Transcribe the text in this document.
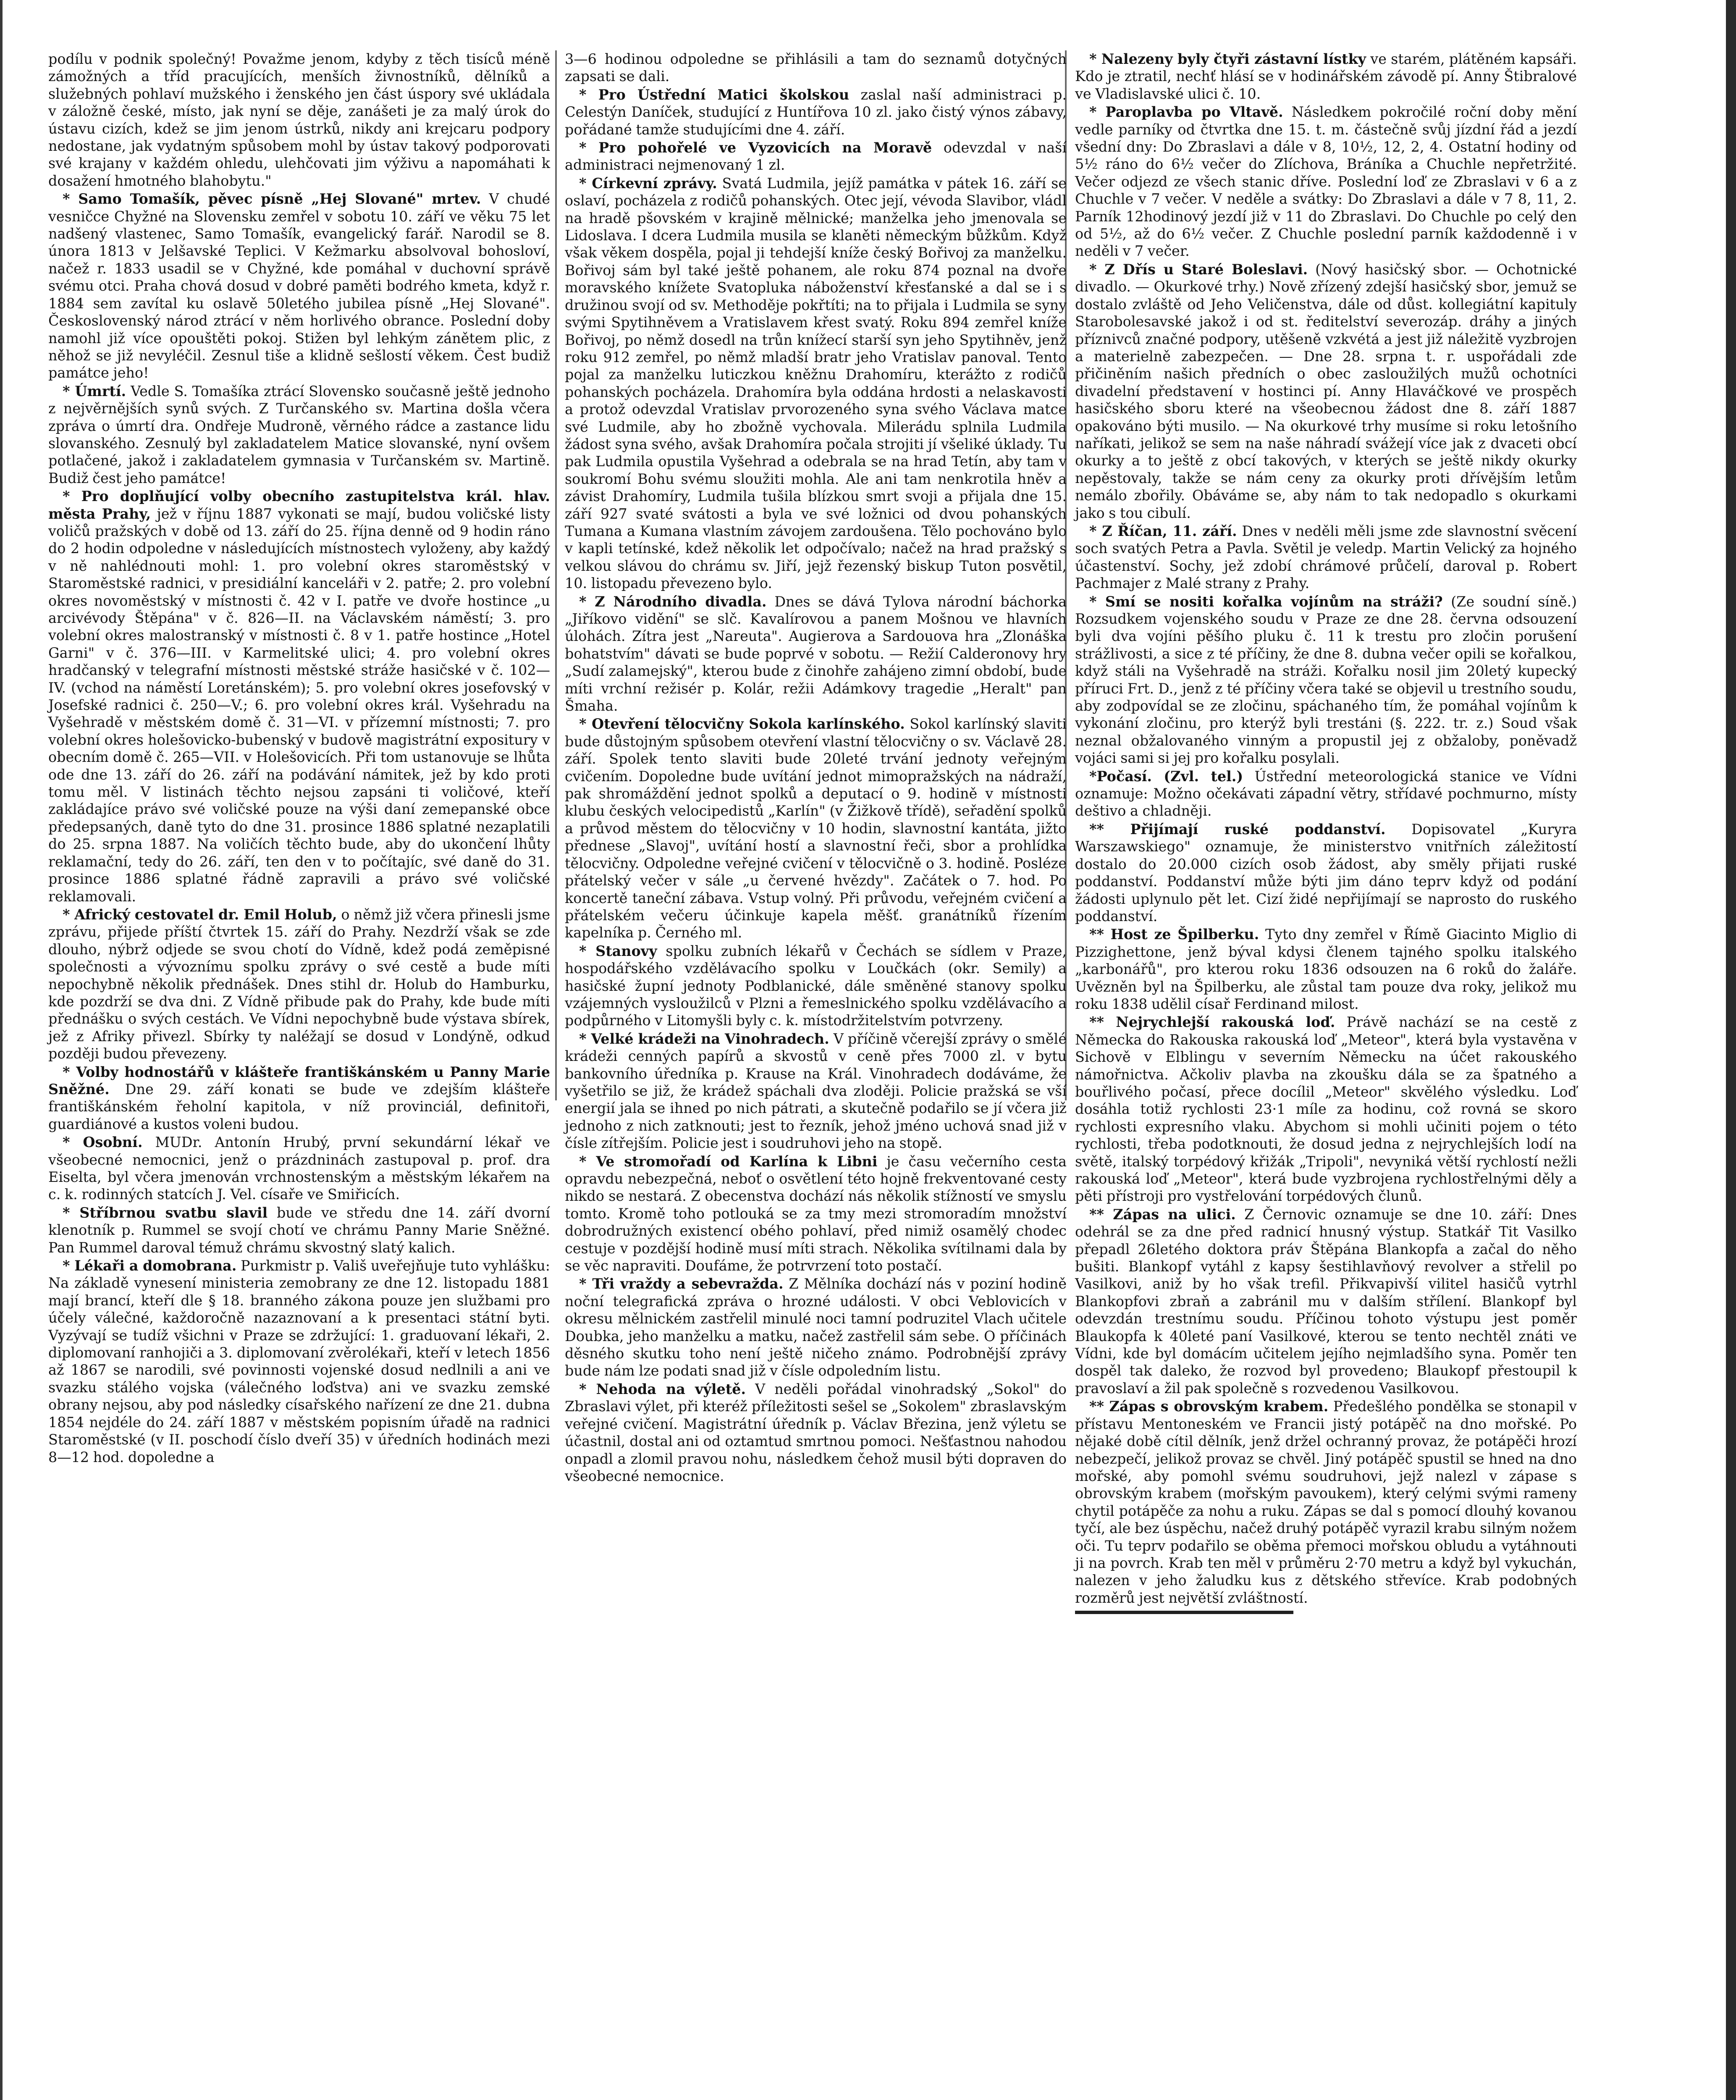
podílu v podnik společný! Považme jenom, kdyby z těch tisíců méně zámožných a tříd pracujících, menších živnostníků, dělníků a služebných pohlaví mužského i ženského jen část úspory své ukládala v záložně české, místo, jak nyní se děje, zanášeti je za malý úrok do ústavu cizích, kdež se jim jenom ústrků, nikdy ani krejcaru podpory nedostane, jak vydatným spůsobem mohl by ústav takový podporovati své krajany v každém ohledu, ulehčovati jim výživu a napomáhati k dosažení hmotného blahobytu."

* Samo Tomašík, pěvec písně „Hej Slované" mrtev. V chudé vesničce Chyžné na Slovensku zemřel v sobotu 10. září ve věku 75 let nadšený vlastenec, Samo Tomašík, evangelický farář. Narodil se 8. února 1813 v Jelšavské Teplici. V Kežmarku absolvoval bohosloví, načež r. 1833 usadil se v Chyžné, kde pomáhal v duchovní správě svému otci. Praha chová dosud v dobré paměti bodrého kmeta, když r. 1884 sem zavítal ku oslavě 50letého jubilea písně „Hej Slované". Československý národ ztrácí v něm horlivého obrance. Poslední doby namohl již více opouštěti pokoj. Stižen byl lehkým zánětem plic, z něhož se již nevyléčil. Zesnul tiše a klidně sešlostí věkem. Čest budiž památce jeho!

* Úmrtí. Vedle S. Tomašíka ztrácí Slovensko současně ještě jednoho z nejvěrnějších synů svých. Z Turčanského sv. Martina došla včera zpráva o úmrtí dra. Ondřeje Mudroně, věrného rádce a zastance lidu slovanského. Zesnulý byl zakladatelem Matice slovanské, nyní ovšem potlačené, jakož i zakladatelem gymnasia v Turčanském sv. Martině. Budiž čest jeho památce!

* Pro doplňující volby obecního zastupitelstva král. hlav. města Prahy, jež v říjnu 1887 vykonati se mají, budou voličské listy voličů pražských v době od 13. září do 25. října denně od 9 hodin ráno do 2 hodin odpoledne v následujících místnostech vyloženy, aby každý v ně nahlédnouti mohl: 1. pro volební okres staroměstský v Staroměstské radnici, v presidiální kanceláři v 2. patře; 2. pro volební okres novoměstský v místnosti č. 42 v I. patře ve dvoře hostince „u arcivévody Štěpána" v č. 826—II. na Václavském náměstí; 3. pro volební okres malostranský v místnosti č. 8 v 1. patře hostince „Hotel Garni" v č. 376—III. v Karmelitské ulici; 4. pro volební okres hradčanský v telegrafní místnosti městské stráže hasičské v č. 102—IV. (vchod na náměstí Loretánském); 5. pro volební okres josefovský v Josefské radnici č. 250—V.; 6. pro volební okres král. Vyšehradu na Vyšehradě v městském domě č. 31—VI. v přízemní místnosti; 7. pro volební okres holešovicko-bubenský v budově magistrátní expositury v obecním domě č. 265—VII. v Holešovicích. Při tom ustanovuje se lhůta ode dne 13. září do 26. září na podávání námitek, jež by kdo proti tomu měl. V listinách těchto nejsou zapsáni ti voličové, kteří zakládajíce právo své voličské pouze na výši daní zemepanské obce předepsaných, daně tyto do dne 31. prosince 1886 splatné nezaplatili do 25. srpna 1887. Na voličích těchto bude, aby do ukončení lhůty reklamační, tedy do 26. září, ten den v to počítajíc, své daně do 31. prosince 1886 splatné řádně zapravili a právo své voličské reklamovali.

* Africký cestovatel dr. Emil Holub, o němž již včera přinesli jsme zprávu, přijede příští čtvrtek 15. září do Prahy. Nezdrží však se zde dlouho, nýbrž odjede se svou chotí do Vídně, kdež podá zeměpisné společnosti a vývoznímu spolku zprávy o své cestě a bude míti nepochybně několik přednášek. Dnes stihl dr. Holub do Hamburku, kde pozdrží se dva dni. Z Vídně přibude pak do Prahy, kde bude míti přednášku o svých cestách. Ve Vídni nepochybně bude výstava sbírek, jež z Afriky přivezl. Sbírky ty naléžají se dosud v Londýně, odkud později budou převezeny.

* Volby hodnostářů v klášteře františkánském u Panny Marie Sněžné. Dne 29. září konati se bude ve zdejším klášteře františkánském řeholní kapitola, v níž provinciál, definitoři, guardiánové a kustos voleni budou.

* Osobní. MUDr. Antonín Hrubý, první sekundární lékař ve všeobecné nemocnici, jenž o prázdninách zastupoval p. prof. dra Eiselta, byl včera jmenován vrchnostenským a městským lékařem na c. k. rodinných statcích J. Vel. císaře ve Smiřicích.

* Stříbrnou svatbu slavil bude ve středu dne 14. září dvorní klenotník p. Rummel se svojí chotí ve chrámu Panny Marie Sněžné. Pan Rummel daroval témuž chrámu skvostný slatý kalich.

* Lékaři a domobrana. Purkmistr p. Vališ uveřejňuje tuto vyhlášku: Na základě vynesení ministeria zemobrany ze dne 12. listopadu 1881 mají brancí, kteří dle § 18. branného zákona pouze jen službami pro účely válečné, každoročně nazaznovaní a k presentaci státní byti. Vyzývají se tudíž všichni v Praze se zdržující: 1. graduovaní lékaři, 2. diplomovaní ranhojiči a 3. diplomovaní zvěrolékaři, kteří v letech 1856 až 1867 se narodili, své povinnosti vojenské dosud nedlnili a ani ve svazku stálého vojska (válečného loďstva) ani ve svazku zemské obrany nejsou, aby pod následky císařského nařízení ze dne 21. dubna 1854 nejdéle do 24. září 1887 v městském popisním úřadě na radnici Staroměstské (v II. poschodí číslo dveří 35) v úředních hodinách mezi 8—12 hod. dopoledne a

3—6 hodinou odpoledne se přihlásili a tam do seznamů dotyčných zapsati se dali.

* Pro Ústřední Matici školskou zaslal naší administraci p. Celestýn Daníček, studující z Huntířova 10 zl. jako čistý výnos zábavy, pořádané tamže studujícími dne 4. září.

* Pro pohořelé ve Vyzovicích na Moravě odevzdal v naší administraci nejmenovaný 1 zl.

* Církevní zprávy. Svatá Ludmila, jejíž památka v pátek 16. září se oslaví, pocházela z rodičů pohanských. Otec její, vévoda Slavibor, vládl na hradě pšovském v krajině mělnické; manželka jeho jmenovala se Lidoslava. I dcera Ludmila musila se klaněti německým bůžkům. Když však věkem dospěla, pojal ji tehdejší kníže český Bořivoj za manželku. Bořivoj sám byl také ještě pohanem, ale roku 874 poznal na dvoře moravského knížete Svatopluka náboženství křesťanské a dal se i s družinou svojí od sv. Methoděje pokřtíti; na to přijala i Ludmila se syny svými Spytihněvem a Vratislavem křest svatý. Roku 894 zemřel kníže Bořivoj, po němž dosedl na trůn knížecí starší syn jeho Spytihněv, jenž roku 912 zemřel, po němž mladší bratr jeho Vratislav panoval. Tento pojal za manželku luticzkou kněžnu Drahomíru, kterážto z rodičů pohanských pocházela. Drahomíra byla oddána hrdosti a nelaskavosti a protož odevzdal Vratislav prvorozeného syna svého Václava matce své Ludmile, aby ho zbožně vychovala. Milerádu splnila Ludmila žádost syna svého, avšak Drahomíra počala strojiti jí všeliké úklady. Tu pak Ludmila opustila Vyšehrad a odebrala se na hrad Tetín, aby tam v soukromí Bohu svému sloužiti mohla. Ale ani tam nenkrotila hněv a závist Drahomíry, Ludmila tušila blízkou smrt svoji a přijala dne 15. září 927 svaté svátosti a byla ve své ložnici od dvou pohanských Tumana a Kumana vlastním závojem zardoušena. Tělo pochováno bylo v kapli tetínské, kdež několik let odpočívalo; načež na hrad pražský s velkou slávou do chrámu sv. Jiří, jejž řezenský biskup Tuton posvětil, 10. listopadu převezeno bylo.

* Z Národního divadla. Dnes se dává Tylova národní báchorka „Jiříkovo vidění" se slč. Kavalírovou a panem Mošnou ve hlavních úlohách. Zítra jest „Nareuta". Augierova a Sardouova hra „Zlonáška bohatstvím" dávati se bude poprvé v sobotu. — Režií Calderonovy hry „Sudí zalamejský", kterou bude z činohře zahájeno zimní období, bude míti vrchní režisér p. Kolár, režii Adámkovy tragedie „Heralt" pan Šmaha.

* Otevření tělocvičny Sokola karlínského. Sokol karlínský slaviti bude důstojným spůsobem otevření vlastní tělocvičny o sv. Václavě 28. září. Spolek tento slaviti bude 20leté trvání jednoty veřejným cvičením. Dopoledne bude uvítání jednot mimopražských na nádraží, pak shromáždění jednot spolků a deputací o 9. hodině v místnosti klubu českých velocipedistů „Karlín" (v Žižkově třídě), seřadění spolků a průvod městem do tělocvičny v 10 hodin, slavnostní kantáta, jižto přednese „Slavoj", uvítání hostí a slavnostní řeči, sbor a prohlídka tělocvičny. Odpoledne veřejné cvičení v tělocvičně o 3. hodině. Posléze přátelský večer v sále „u červené hvězdy". Začátek o 7. hod. Po koncertě taneční zábava. Vstup volný. Při průvodu, veřejném cvičení a přátelském večeru účinkuje kapela měšť. granátníků řízením kapelníka p. Černého ml.

* Stanovy spolku zubních lékařů v Čechách se sídlem v Praze, hospodářského vzdělávacího spolku v Loučkách (okr. Semily) a hasičské župní jednoty Podblanické, dále směněné stanovy spolku vzájemných vysloužilců v Plzni a řemeslnického spolku vzdělávacího a podpůrného v Litomyšli byly c. k. místodržitelstvím potvrzeny.

* Velké krádeži na Vinohradech. V příčině včerejší zprávy o smělé krádeži cenných papírů a skvostů v ceně přes 7000 zl. v bytu bankovního úředníka p. Krause na Král. Vinohradech dodáváme, že vyšetřilo se již, že krádež spáchali dva zloději. Policie pražská se vší energií jala se ihned po nich pátrati, a skutečně podařilo se jí včera již jednoho z nich zatknouti; jest to řezník, jehož jméno uchová snad již v čísle zítřejším. Policie jest i soudruhovi jeho na stopě.

* Ve stromořadí od Karlína k Libni je času večerního cesta opravdu nebezpečná, neboť o osvětlení této hojně frekventované cesty nikdo se nestará. Z obecenstva dochází nás několik stížností ve smyslu tomto. Kromě toho potlouká se za tmy mezi stromoradím množství dobrodružných existencí obého pohlaví, před nimiž osamělý chodec cestuje v pozdější hodině musí míti strach. Několika svítilnami dala by se věc napraviti. Doufáme, že potrvrzení toto postačí.

* Tři vraždy a sebevražda. Z Mělníka dochází nás v poziní hodině noční telegrafická zpráva o hrozné události. V obci Veblovicích v okresu mělnickém zastřelil minulé noci tamní podruzitel Vlach učitele Doubka, jeho manželku a matku, načež zastřelil sám sebe. O příčinách děsného skutku toho není ještě ničeho známo. Podrobnější zprávy bude nám lze podati snad již v čísle odpoledním listu.

* Nehoda na výletě. V neděli pořádal vinohradský „Sokol" do Zbraslavi výlet, při kteréž příležitosti sešel se „Sokolem" zbraslavským veřejné cvičení. Magistrátní úředník p. Václav Březina, jenž výletu se účastnil, dostal ani od oztamtud smrtnou pomoci. Nešťastnou nahodou onpadl a zlomil pravou nohu, následkem čehož musil býti dopraven do všeobecné nemocnice.

* Nalezeny byly čtyři zástavní lístky ve starém, plátěném kapsáři. Kdo je ztratil, nechť hlásí se v hodinářském závodě pí. Anny Štibralové ve Vladislavské ulici č. 10.

* Paroplavba po Vltavě. Následkem pokročilé roční doby mění vedle parníky od čtvrtka dne 15. t. m. částečně svůj jízdní řád a jezdí všední dny: Do Zbraslavi a dále v 8, 10½, 12, 2, 4. Ostatní hodiny od 5½ ráno do 6½ večer do Zlíchova, Bráníka a Chuchle nepřetržité. Večer odjezd ze všech stanic dříve. Poslední loď ze Zbraslavi v 6 a z Chuchle v 7 večer. V neděle a svátky: Do Zbraslavi a dále v 7 8, 11, 2. Parník 12hodinový jezdí již v 11 do Zbraslavi. Do Chuchle po celý den od 5½, až do 6½ večer. Z Chuchle poslední parník každodenně i v neděli v 7 večer.

* Z Dřís u Staré Boleslavi. (Nový hasičský sbor. — Ochotnické divadlo. — Okurkové trhy.) Nově zřízený zdejší hasičský sbor, jemuž se dostalo zvláště od Jeho Veličenstva, dále od důst. kollegiátní kapituly Starobolesavské jakož i od st. ředitelství severozáp. dráhy a jiných příznivců značné podpory, utěšeně vzkvétá a jest již náležitě vyzbrojen a materielně zabezpečen. — Dne 28. srpna t. r. uspořádali zde přičiněním našich předních o obec zasloužilých mužů ochotníci divadelní představení v hostinci pí. Anny Hlaváčkové ve prospěch hasičského sboru které na všeobecnou žádost dne 8. září 1887 opakováno býti musilo. — Na okurkové trhy musíme si roku letošního naříkati, jelikož se sem na naše náhradí svážejí více jak z dvaceti obcí okurky a to ještě z obcí takových, v kterých se ještě nikdy okurky nepěstovaly, takže se nám ceny za okurky proti dřívějším letům nemálo zbořily. Obáváme se, aby nám to tak nedopadlo s okurkami jako s tou cibulí.

* Z Říčan, 11. září. Dnes v neděli měli jsme zde slavnostní svěcení soch svatých Petra a Pavla. Světil je veledp. Martin Velický za hojného účastenství. Sochy, jež zdobí chrámové průčelí, daroval p. Robert Pachmajer z Malé strany z Prahy.

* Smí se nositi kořalka vojínům na stráži? (Ze soudní síně.) Rozsudkem vojenského soudu v Praze ze dne 28. června odsouzení byli dva vojíni pěšího pluku č. 11 k trestu pro zločin porušení strážlivosti, a sice z té příčiny, že dne 8. dubna večer opili se kořalkou, když stáli na Vyšehradě na stráži. Kořalku nosil jim 20letý kupecký příruci Frt. D., jenž z té příčiny včera také se objevil u trestního soudu, aby zodpovídal se ze zločinu, spáchaného tím, že pomáhal vojínům k vykonání zločinu, pro kterýž byli trestáni (§. 222. tr. z.) Soud však neznal obžalovaného vinným a propustil jej z obžaloby, poněvadž vojáci sami si jej pro kořalku posylali.

*Počasí. (Zvl. tel.) Ústřední meteorologická stanice ve Vídni oznamuje: Možno očekávati západní větry, střídavé pochmurno, místy deštivo a chladněji.

** Přijímají ruské poddanství. Dopisovatel „Kuryra Warszawskiego" oznamuje, že ministerstvo vnitřních záležitostí dostalo do 20.000 cizích osob žádost, aby směly přijati ruské poddanství. Poddanství může býti jim dáno teprv když od podání žádosti uplynulo pět let. Cizí židé nepřijímají se naprosto do ruského poddanství.

** Host ze Špilberku. Tyto dny zemřel v Římě Giacinto Miglio di Pizzighettone, jenž býval kdysi členem tajného spolku italského „karbonářů", pro kterou roku 1836 odsouzen na 6 roků do žaláře. Uvězněn byl na Špilberku, ale zůstal tam pouze dva roky, jelikož mu roku 1838 udělil císař Ferdinand milost.

** Nejrychlejší rakouská loď. Právě nachází se na cestě z Německa do Rakouska rakouská loď „Meteor", která byla vystavěna v Sichově v Elblingu v severním Německu na účet rakouského námořnictva. Ačkoliv plavba na zkoušku dála se za špatného a bouřlivého počasí, přece docílil „Meteor" skvělého výsledku. Loď dosáhla totiž rychlosti 23·1 míle za hodinu, což rovná se skoro rychlosti expresního vlaku. Abychom si mohli učiniti pojem o této rychlosti, třeba podotknouti, že dosud jedna z nejrychlejších lodí na světě, italský torpédový křižák „Tripoli", nevyniká větší rychlostí nežli rakouská loď „Meteor", která bude vyzbrojena rychlostřelnými děly a pěti přístroji pro vystřelování torpédových člunů.

** Zápas na ulici. Z Černovic oznamuje se dne 10. září: Dnes odehrál se za dne před radnicí hnusný výstup. Statkář Tit Vasilko přepadl 26letého doktora práv Štěpána Blankopfa a začal do něho bušiti. Blankopf vytáhl z kapsy šestihlavňový revolver a střelil po Vasilkovi, aniž by ho však trefil. Přikvapivší vilitel hasičů vytrhl Blankopfovi zbraň a zabránil mu v dalším střílení. Blankopf byl odevzdán trestnímu soudu. Příčinou tohoto výstupu jest poměr Blaukopfa k 40leté paní Vasilkové, kterou se tento nechtěl znáti ve Vídni, kde byl domácím učitelem jejího nejmladšího syna. Poměr ten dospěl tak daleko, že rozvod byl provedeno; Blaukopf přestoupil k pravoslaví a žil pak společně s rozvedenou Vasilkovou.

** Zápas s obrovským krabem. Předešlého pondělka se stonapil v přístavu Mentoneském ve Francii jistý potápěč na dno mořské. Po nějaké době cítil dělník, jenž držel ochranný provaz, že potápěči hrozí nebezpečí, jelikož provaz se chvěl. Jiný potápěč spustil se hned na dno mořské, aby pomohl svému soudruhovi, jejž nalezl v zápase s obrovským krabem (mořským pavoukem), který celými svými rameny chytil potápěče za nohu a ruku. Zápas se dal s pomocí dlouhý kovanou tyčí, ale bez úspěchu, načež druhý potápěč vyrazil krabu silným nožem oči. Tu teprv podařilo se oběma přemoci mořskou obludu a vytáhnouti ji na povrch. Krab ten měl v průměru 2·70 metru a když byl vykuchán, nalezen v jeho žaludku kus z dětského střevíce. Krab podobných rozměrů jest největší zvláštností.
